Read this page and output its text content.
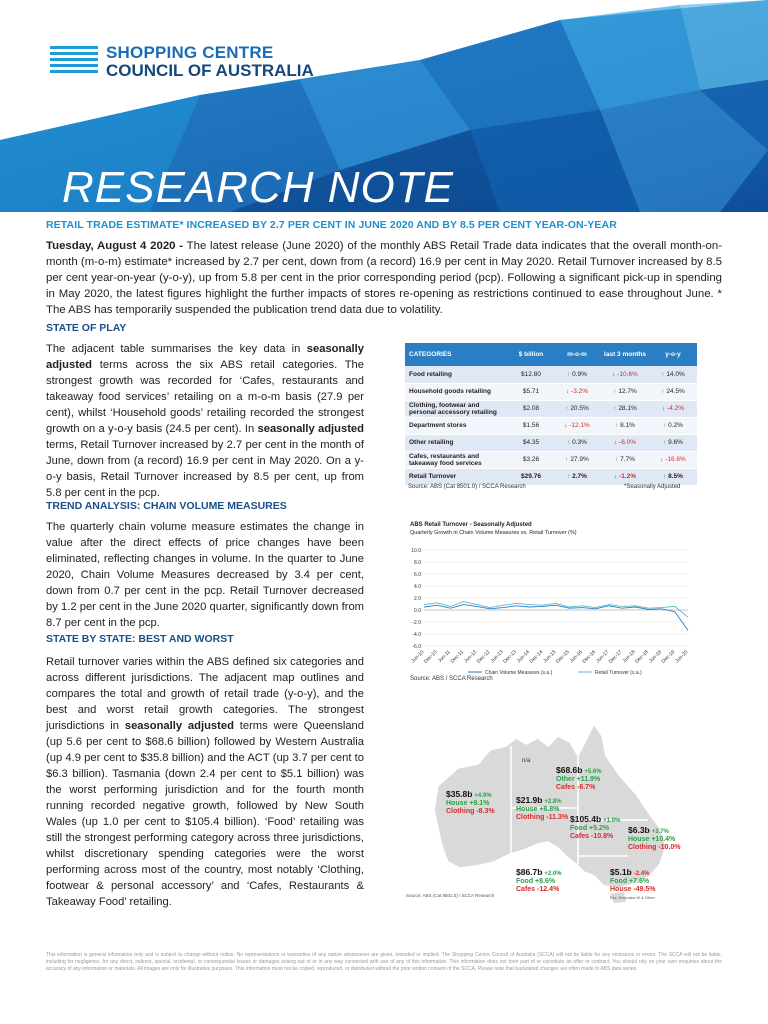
SHOPPING CENTRE
COUNCIL OF AUSTRALIA
RESEARCH NOTE
RETAIL TRADE ESTIMATE* INCREASED BY 2.7 PER CENT IN JUNE 2020 AND BY 8.5 PER CENT YEAR-ON-YEAR
Tuesday, August 4 2020 - The latest release (June 2020) of the monthly ABS Retail Trade data indicates that the overall month-on-month (m-o-m) estimate* increased by 2.7 per cent, down from (a record) 16.9 per cent in May 2020. Retail Turnover increased by 8.5 per cent year-on-year (y-o-y), up from 5.8 per cent in the prior corresponding period (pcp). Following a significant pick-up in spending in May 2020, the latest figures highlight the further impacts of stores re-opening as restrictions continued to ease throughout June. * The ABS has temporarily suspended the publication trend data due to volatility.
STATE OF PLAY
The adjacent table summarises the key data in seasonally adjusted terms across the six ABS retail categories. The strongest growth was recorded for ‘Cafes, restaurants and takeaway food services’ retailing on a m-o-m basis (27.9 per cent), whilst ‘Household goods’ retailing recorded the strongest growth on a y-o-y basis (24.5 per cent). In seasonally adjusted terms, Retail Turnover increased by 2.7 per cent in the month of June, down from (a record) 16.9 per cent in May 2020. On a y-o-y basis, Retail Turnover increased by 8.5 per cent, up from 5.8 per cent in the pcp.
TREND ANALYSIS: CHAIN VOLUME MEASURES
The quarterly chain volume measure estimates the change in value after the direct effects of price changes have been eliminated, reflecting changes in volume. In the quarter to June 2020, Chain Volume Measures decreased by 3.4 per cent, down from 0.7 per cent in the pcp. Retail Turnover decreased by 1.2 per cent in the June 2020 quarter, significantly down from 8.7 per cent in the pcp.
STATE BY STATE: BEST AND WORST
Retail turnover varies within the ABS defined six categories and across different jurisdictions. The adjacent map outlines and compares the total and growth of retail trade (y-o-y), and the best and worst retail growth categories. The strongest jurisdictions in seasonally adjusted terms were Queensland (up 5.6 per cent to $68.6 billion) followed by Western Australia (up 4.9 per cent to $35.8 billion) and the ACT (up 3.7 per cent to $6.3 billion). Tasmania (down 2.4 per cent to $5.1 billion) was the worst performing jurisdiction and for the fourth month running recorded negative growth, followed by New South Wales (up 1.0 per cent to $105.4 billion). ‘Food’ retailing was still the strongest performing category across three jurisdictions, whilst discretionary spending categories were the worst performing across most of the country, most notably ‘Clothing, footwear & personal accessory’ and ‘Cafes, Restaurants & Takeaway Food’ retailing.
CATEGORIES	$ billion	m-o-m	last 3 months	y-o-y
Food retailing	$12.80	↑ 0.9%	↓ -10.6%	↑ 14.0%
Household goods retailing	$5.71	↓ -3.2%	↑ 12.7%	↑ 24.5%
Clothing, footwear and personal accessory retailing	$2.08	↑ 20.5%	↑ 28.1%	↓ -4.2%
Department stores	$1.56	↓ -12.1%	↑ 8.1%	↑ 0.2%
Other retailing	$4.35	↑ 0.3%	↓ -6.0%	↑ 9.6%
Cafes, restaurants and takeaway food services	$3.26	↑ 27.9%	↑ 7.7%	↓ -16.6%
Retail Turnover	$29.76	↑ 2.7%	↓ -1.2%	↑ 8.5%
Source: ABS (Cat 8501.0) / SCCA Research	*Seasonally Adjusted
ABS Retail Turnover - Seasonally Adjusted
Quarterly Growth in Chain Volume Measures vs. Retail Turnover (%)
10.0
8.0
6.0
4.0
2.0
0.0
-2.0
-4.0
-6.0
Jun-10
Dec-10
Jun-11
Dec-11
Jun-12
Dec-12
Jun-13
Dec-13
Jun-14
Dec-14
Jun-15
Dec-15
Jun-16
Dec-16
Jun-17
Dec-17
Jun-18
Dec-18
Jun-19
Dec-19
Jun-20
Chain Volume Measures (s.a.)	Retail Turnover (s.a.)
Source: ABS / SCCA Research
n/a
$68.6b +5.6%
Other +11.9%
Cafes -6.7%
$35.8b +4.9%
House +9.1%
Clothing -8.3%
$21.9b +2.8%
House +8.8%
Clothing -11.3% $105.4b +1.0%
Food +5.2%
Cafes -10.8%
$6.3b +3.7%
House +10.4%
Clothing -10.0%
$86.7b +2.0%
Food +8.6%
Cafes -12.4%
$5.1b -2.4%
Food +7.6%
House -49.5%
Exc. Excludes W & Other
Source: ABS (Cat 8501.0) / SCCA Research
This information is general information only and is subject to change without notice. No representations or warranties of any nature whatsoever are given, intended or implied. The Shopping Centre Council of Australia (SCCA) will not be liable for any omissions or errors. The SCCA will not be liable, including for negligence, for any direct, indirect, special, incidental, or consequential losses or damages arising out of or in any way connected with use of any of this information. This information does not form part of or constitute an offer or contract. You should rely on your own enquiries about the accuracy of any information or materials. All images are only for illustrative purposes. This information must not be copied, reproduced, or distributed without the prior written consent of the SCCA. Please note that backdated changes are often made to ABS data series.
